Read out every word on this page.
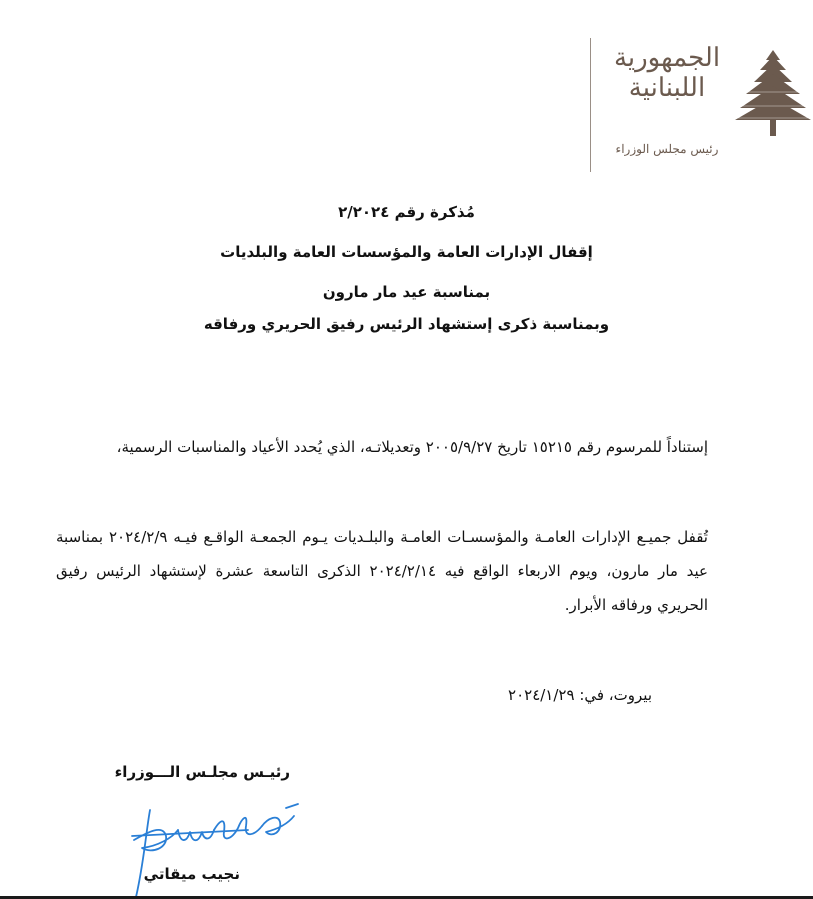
الجمهورية
اللبنانية
رئيس مجلس الوزراء
مُذكرة رقم ٢/٢٠٢٤
إقفال الإدارات العامة والمؤسسات العامة والبلديات
بمناسبة عيد مار مارون
وبمناسبة ذكرى إستشهاد الرئيس رفيق الحريري ورفاقه
إستناداً للمرسوم رقم ١٥٢١٥ تاريخ ٢٠٠٥/٩/٢٧ وتعديلاتـه، الذي يُحدد الأعياد والمناسبات الرسمية،
تُقفل جميـع الإدارات العامـة والمؤسسـات العامـة والبلـديات يـوم الجمعـة الواقـع فيـه ٢٠٢٤/٢/٩ بمناسبة عيد مار مارون، ويوم الاربعاء الواقع فيه ٢٠٢٤/٢/١٤ الذكرى التاسعة عشرة لإستشهاد الرئيس رفيق الحريري ورفاقه الأبرار.
بيروت، في: ٢٠٢٤/١/٢٩
رئيـس مجلـس الـــوزراء
نجيب ميقاتي
